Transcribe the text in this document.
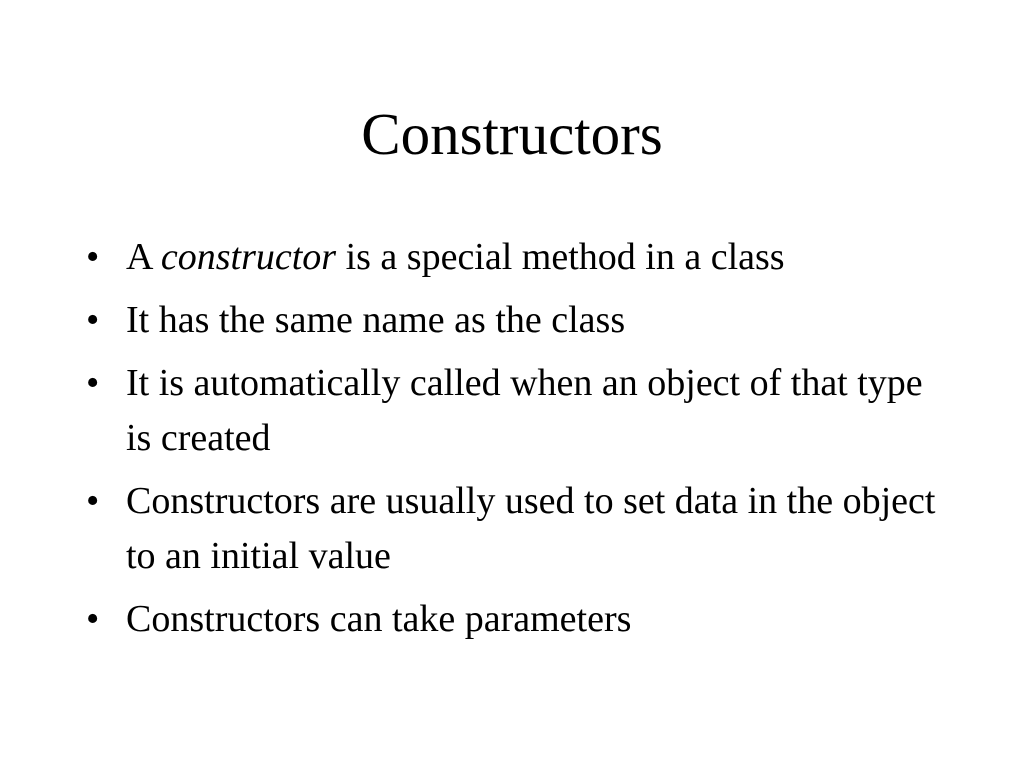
Constructors
• A constructor is a special method in a class
• It has the same name as the class
• It is automatically called when an object of that type is created
• Constructors are usually used to set data in the object to an initial value
• Constructors can take parameters
